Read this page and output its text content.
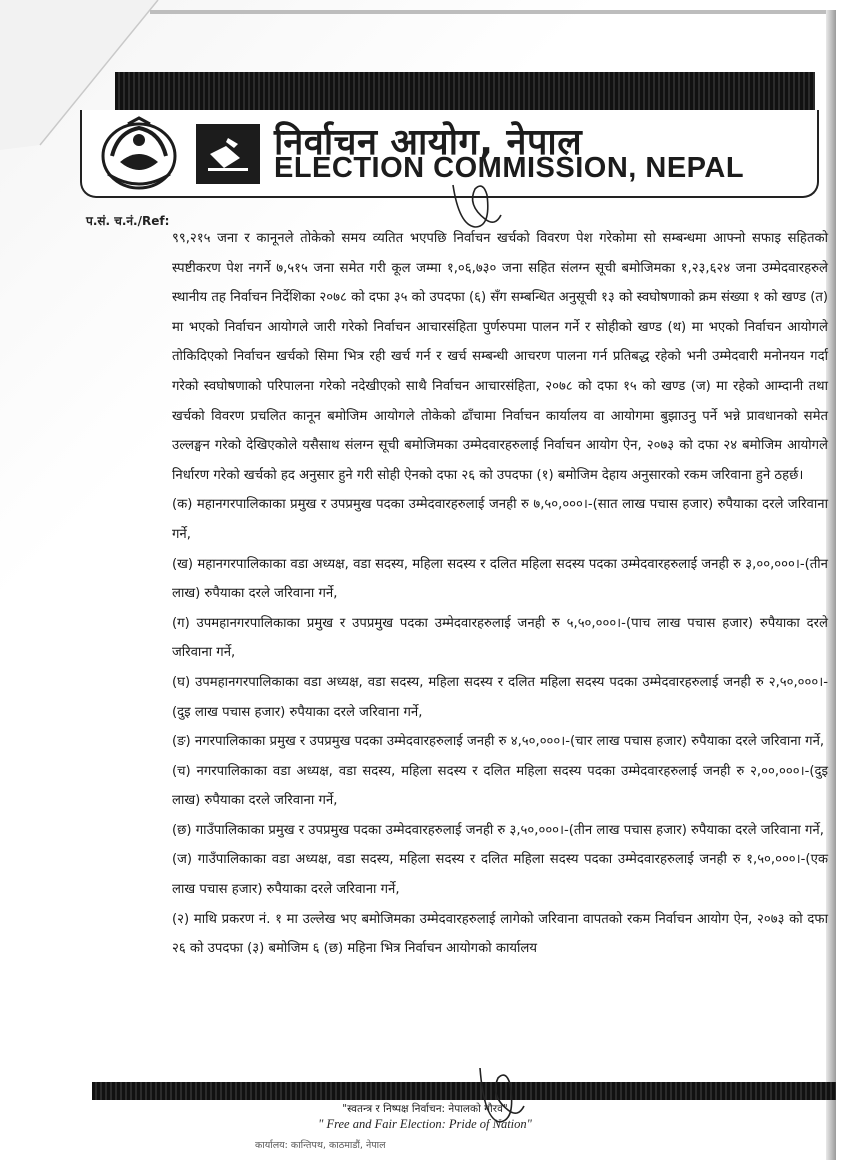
निर्वाचन आयोग, नेपाल
ELECTION COMMISSION, NEPAL
प.सं. च.नं./Ref:

९९,२१५ जना र कानूनले तोकेको समय व्यतित भएपछि निर्वाचन खर्चको विवरण पेश गरेकोमा सो सम्बन्धमा आफ्नो सफाइ सहितको स्पष्टीकरण पेश नगर्ने ७,५१५ जना समेत गरी कूल जम्मा १,०६,७३० जना सहित संलग्न सूची बमोजिमका १,२३,६२४ जना उम्मेदवारहरुले स्थानीय तह निर्वाचन निर्देशिका २०७८ को दफा ३५ को उपदफा (६) सँग सम्बन्धित अनुसूची १३ को स्वघोषणाको क्रम संख्या १ को खण्ड (त) मा भएको निर्वाचन आयोगले जारी गरेको निर्वाचन आचारसंहिता पुर्णरुपमा पालन गर्ने र सोहीको खण्ड (थ) मा भएको निर्वाचन आयोगले तोकिदिएको निर्वाचन खर्चको सिमा भित्र रही खर्च गर्न र खर्च सम्बन्धी आचरण पालना गर्न प्रतिबद्ध रहेको भनी उम्मेदवारी मनोनयन गर्दा गरेको स्वघोषणाको परिपालना गरेको नदेखीएको साथै निर्वाचन आचारसंहिता, २०७८ को दफा १५ को खण्ड (ज) मा रहेको आम्दानी तथा खर्चको विवरण प्रचलित कानून बमोजिम आयोगले तोकेको ढाँचामा निर्वाचन कार्यालय वा आयोगमा बुझाउनु पर्ने भन्ने प्रावधानको समेत उल्लङ्घन गरेको देखिएकोले यसैसाथ संलग्न सूची बमोजिमका उम्मेदवारहरुलाई निर्वाचन आयोग ऐन, २०७३ को दफा २४ बमोजिम आयोगले निर्धारण गरेको खर्चको हद अनुसार हुने गरी सोही ऐनको दफा २६ को उपदफा (१) बमोजिम देहाय अनुसारको रकम जरिवाना हुने ठहर्छ।

(क) महानगरपालिकाका प्रमुख र उपप्रमुख पदका उम्मेदवारहरुलाई जनही रु ७,५०,०००।-(सात लाख पचास हजार) रुपैयाका दरले जरिवाना गर्ने,

(ख) महानगरपालिकाका वडा अध्यक्ष, वडा सदस्य, महिला सदस्य र दलित महिला सदस्य पदका उम्मेदवारहरुलाई जनही रु ३,००,०००।-(तीन लाख) रुपैयाका दरले जरिवाना गर्ने,

(ग) उपमहानगरपालिकाका प्रमुख र उपप्रमुख पदका उम्मेदवारहरुलाई जनही रु ५,५०,०००।-(पाच लाख पचास हजार) रुपैयाका दरले जरिवाना गर्ने,

(घ) उपमहानगरपालिकाका वडा अध्यक्ष, वडा सदस्य, महिला सदस्य र दलित महिला सदस्य पदका उम्मेदवारहरुलाई जनही रु २,५०,०००।-(दुइ लाख पचास हजार) रुपैयाका दरले जरिवाना गर्ने,

(ङ) नगरपालिकाका प्रमुख र उपप्रमुख पदका उम्मेदवारहरुलाई जनही रु ४,५०,०००।-(चार लाख पचास हजार) रुपैयाका दरले जरिवाना गर्ने,

(च) नगरपालिकाका वडा अध्यक्ष, वडा सदस्य, महिला सदस्य र दलित महिला सदस्य पदका उम्मेदवारहरुलाई जनही रु २,००,०००।-(दुइ लाख) रुपैयाका दरले जरिवाना गर्ने,

(छ) गाउँपालिकाका प्रमुख र उपप्रमुख पदका उम्मेदवारहरुलाई जनही रु ३,५०,०००।-(तीन लाख पचास हजार) रुपैयाका दरले जरिवाना गर्ने,

(ज) गाउँपालिकाका वडा अध्यक्ष, वडा सदस्य, महिला सदस्य र दलित महिला सदस्य पदका उम्मेदवारहरुलाई जनही रु १,५०,०००।-(एक लाख पचास हजार) रुपैयाका दरले जरिवाना गर्ने,

(२) माथि प्रकरण नं. १ मा उल्लेख भए बमोजिमका उम्मेदवारहरुलाई लागेको जरिवाना वापतको रकम निर्वाचन आयोग ऐन, २०७३ को दफा २६ को उपदफा (३) बमोजिम ६ (छ) महिना भित्र निर्वाचन आयोगको कार्यालय

"स्वतन्त्र र निष्पक्ष निर्वाचन: नेपालको गौरव"
" Free and Fair Election: Pride of Nation"
कार्यालय: कान्तिपथ, काठमाडौं, नेपाल
